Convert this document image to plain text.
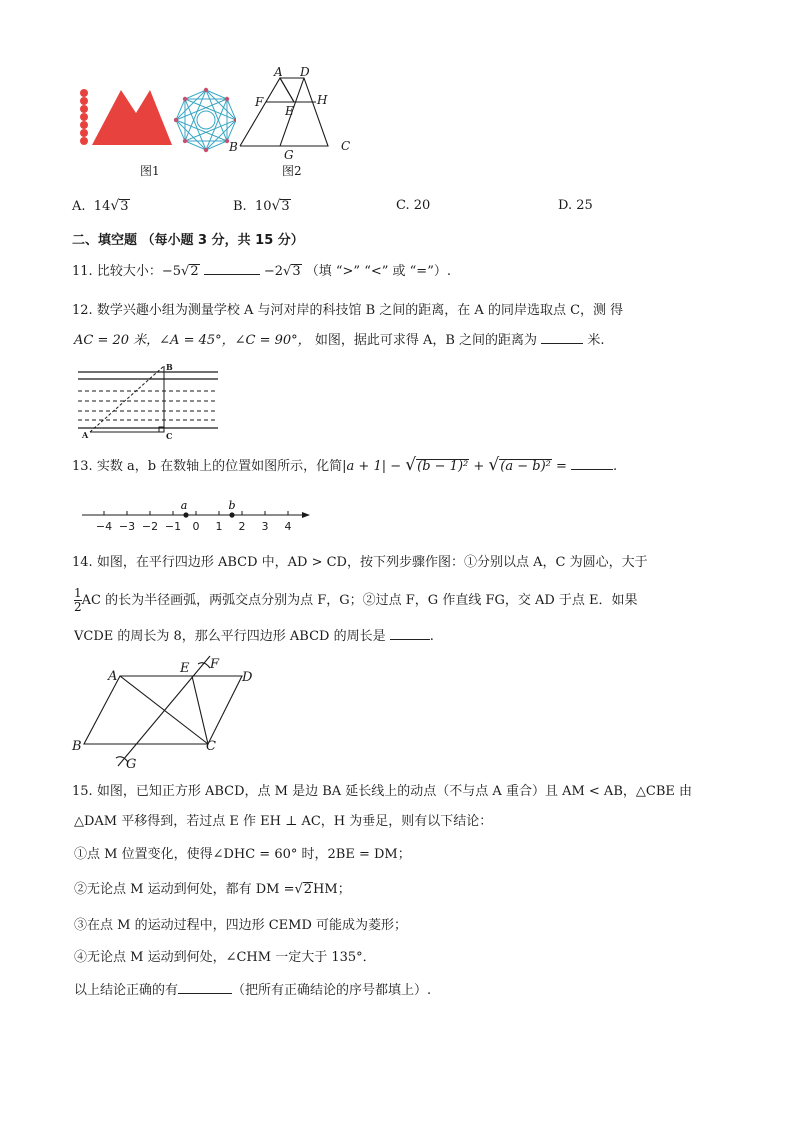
图1
A D
F	H
E
B
G
C
图2
A. 14√3	B. 10√3	C. 20	D. 25
二、填空题 （每小题 3 分，共 15 分）
11. 比较大小：−5√2	−2√3 （填 “>” “<” 或 “=”）.
12. 数学兴趣小组为测量学校 A 与河对岸的科技馆 B 之间的距离，在 A 的同岸选取点 C，测 得
AC = 20 米，∠A = 45°，∠C = 90°， 如图，据此可求得 A，B 之间的距离为	米.
A
B
C
13. 实数 a，b 在数轴上的位置如图所示，化简|a + 1| − √(b − 1)² + √(a − b)² =	.
−4 −3 −2 −1 0 1 2 3 4
a	b
14. 如图，在平行四边形 ABCD 中，AD > CD，按下列步骤作图：①分别以点 A，C 为圆心，大于
$\frac{1}{2}$ AC 的长为半径画弧，两弧交点分别为点 F，G；②过点 F，G 作直线 FG，交 AD 于点 E．如果
VCDE 的周长为 8，那么平行四边形 ABCD 的周长是	.
A
E F
D
B	C
G
15. 如图，已知正方形 ABCD，点 M 是边 BA 延长线上的动点（不与点 A 重合）且 AM < AB，△CBE 由
△DAM 平移得到，若过点 E 作 EH ⊥ AC，H 为垂足，则有以下结论：
①点 M 位置变化，使得∠DHC = 60° 时，2BE = DM；
②无论点 M 运动到何处，都有 DM =√2HM；
③在点 M 的运动过程中，四边形 CEMD 可能成为菱形；
④无论点 M 运动到何处，∠CHM 一定大于 135°．
以上结论正确的有	（把所有正确结论的序号都填上）.
